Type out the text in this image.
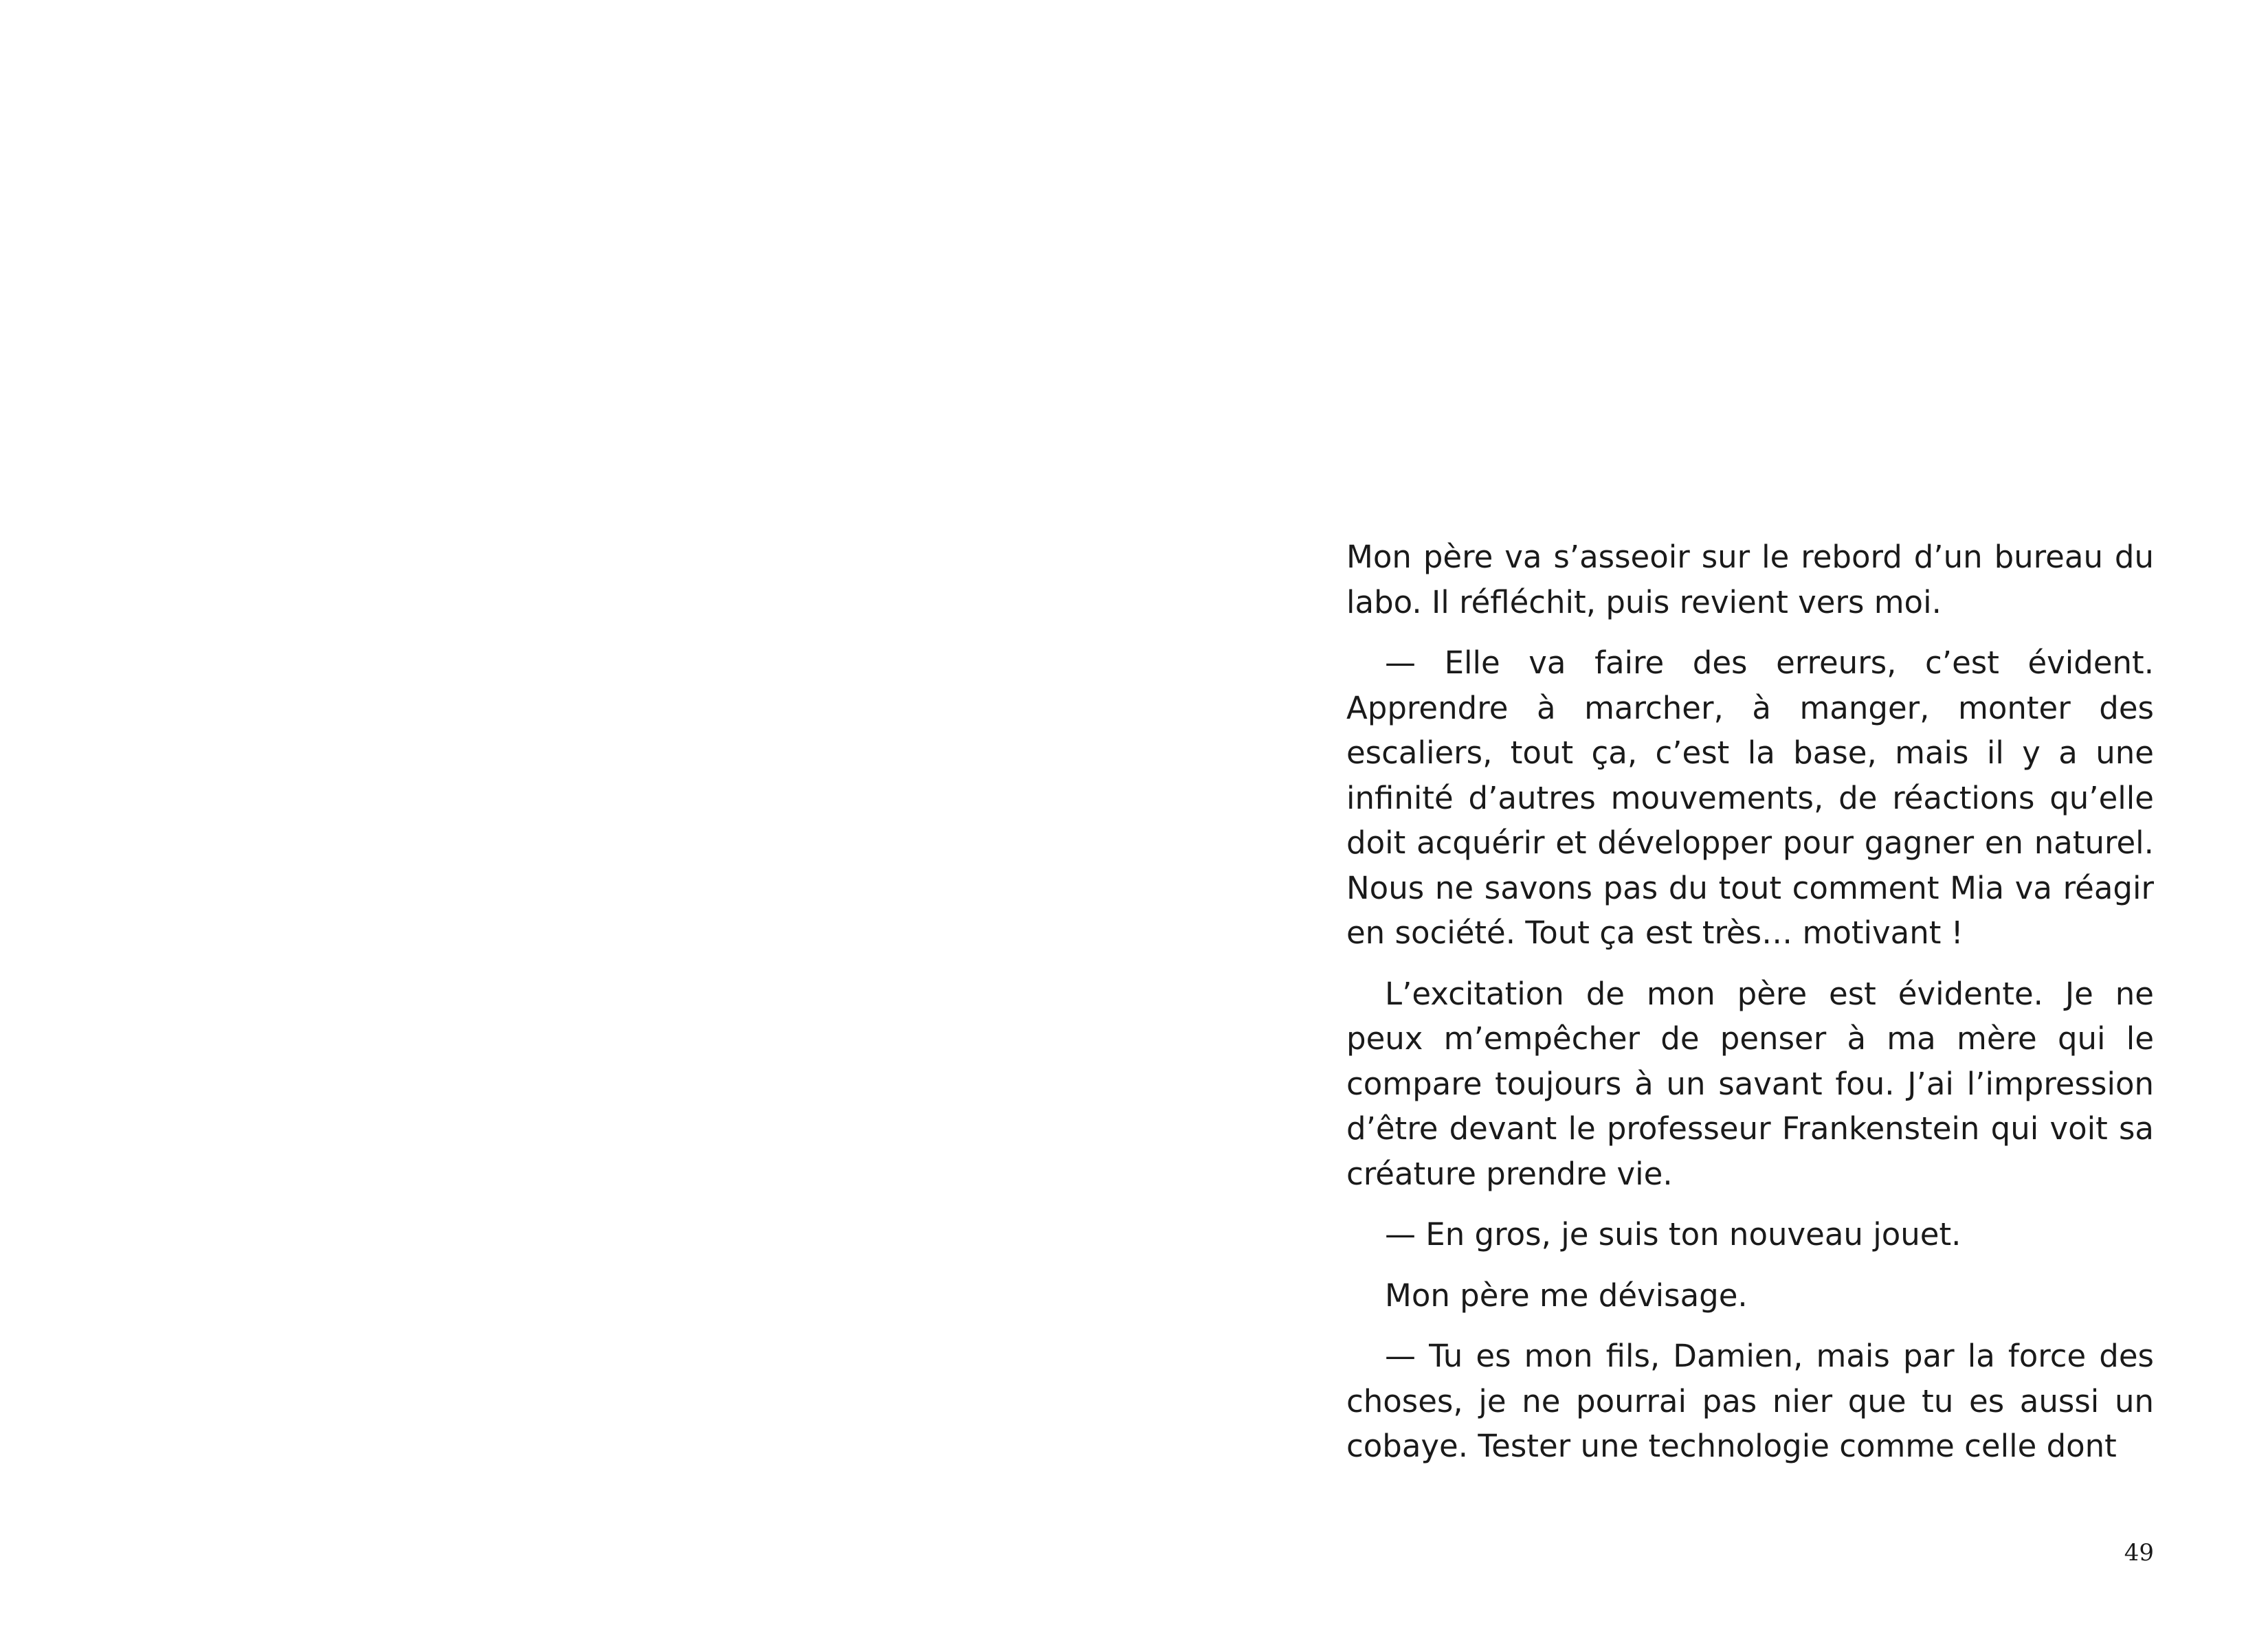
Mon père va s’asseoir sur le rebord d’un bureau du labo. Il réfléchit, puis revient vers moi.

— Elle va faire des erreurs, c’est évident. Apprendre à marcher, à manger, monter des escaliers, tout ça, c’est la base, mais il y a une infinité d’autres mouvements, de réactions qu’elle doit acquérir et développer pour gagner en naturel. Nous ne savons pas du tout comment Mia va réagir en société. Tout ça est très… motivant !

L’excitation de mon père est évidente. Je ne peux m’empêcher de penser à ma mère qui le compare toujours à un savant fou. J’ai l’impression d’être devant le professeur Frankenstein qui voit sa créature prendre vie.

— En gros, je suis ton nouveau jouet.

Mon père me dévisage.

— Tu es mon fils, Damien, mais par la force des choses, je ne pourrai pas nier que tu es aussi un cobaye. Tester une technologie comme celle dont

49
